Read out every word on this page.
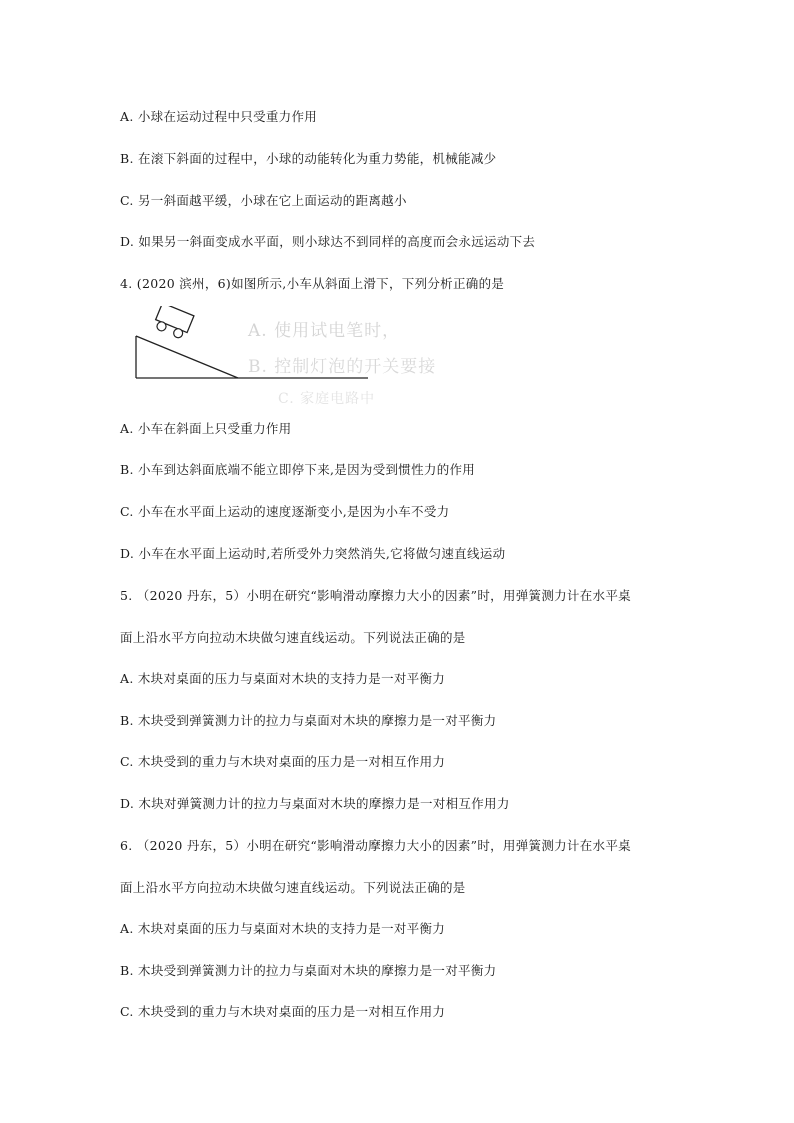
A. 小球在运动过程中只受重力作用
B. 在滚下斜面的过程中，小球的动能转化为重力势能，机械能减少
C. 另一斜面越平缓，小球在它上面运动的距离越小
D. 如果另一斜面变成水平面，则小球达不到同样的高度而会永远运动下去
4. (2020 滨州，6)如图所示,小车从斜面上滑下，下列分析正确的是
A. 使用试电笔时，
B. 控制灯泡的开关要接
C. 家庭电路中
A. 小车在斜面上只受重力作用
B. 小车到达斜面底端不能立即停下来,是因为受到惯性力的作用
C. 小车在水平面上运动的速度逐渐变小,是因为小车不受力
D. 小车在水平面上运动时,若所受外力突然消失,它将做匀速直线运动
5. （2020 丹东，5）小明在研究“影响滑动摩擦力大小的因素”时，用弹簧测力计在水平桌
面上沿水平方向拉动木块做匀速直线运动。下列说法正确的是
A. 木块对桌面的压力与桌面对木块的支持力是一对平衡力
B. 木块受到弹簧测力计的拉力与桌面对木块的摩擦力是一对平衡力
C. 木块受到的重力与木块对桌面的压力是一对相互作用力
D. 木块对弹簧测力计的拉力与桌面对木块的摩擦力是一对相互作用力
6. （2020 丹东，5）小明在研究“影响滑动摩擦力大小的因素”时，用弹簧测力计在水平桌
面上沿水平方向拉动木块做匀速直线运动。下列说法正确的是
A. 木块对桌面的压力与桌面对木块的支持力是一对平衡力
B. 木块受到弹簧测力计的拉力与桌面对木块的摩擦力是一对平衡力
C. 木块受到的重力与木块对桌面的压力是一对相互作用力
